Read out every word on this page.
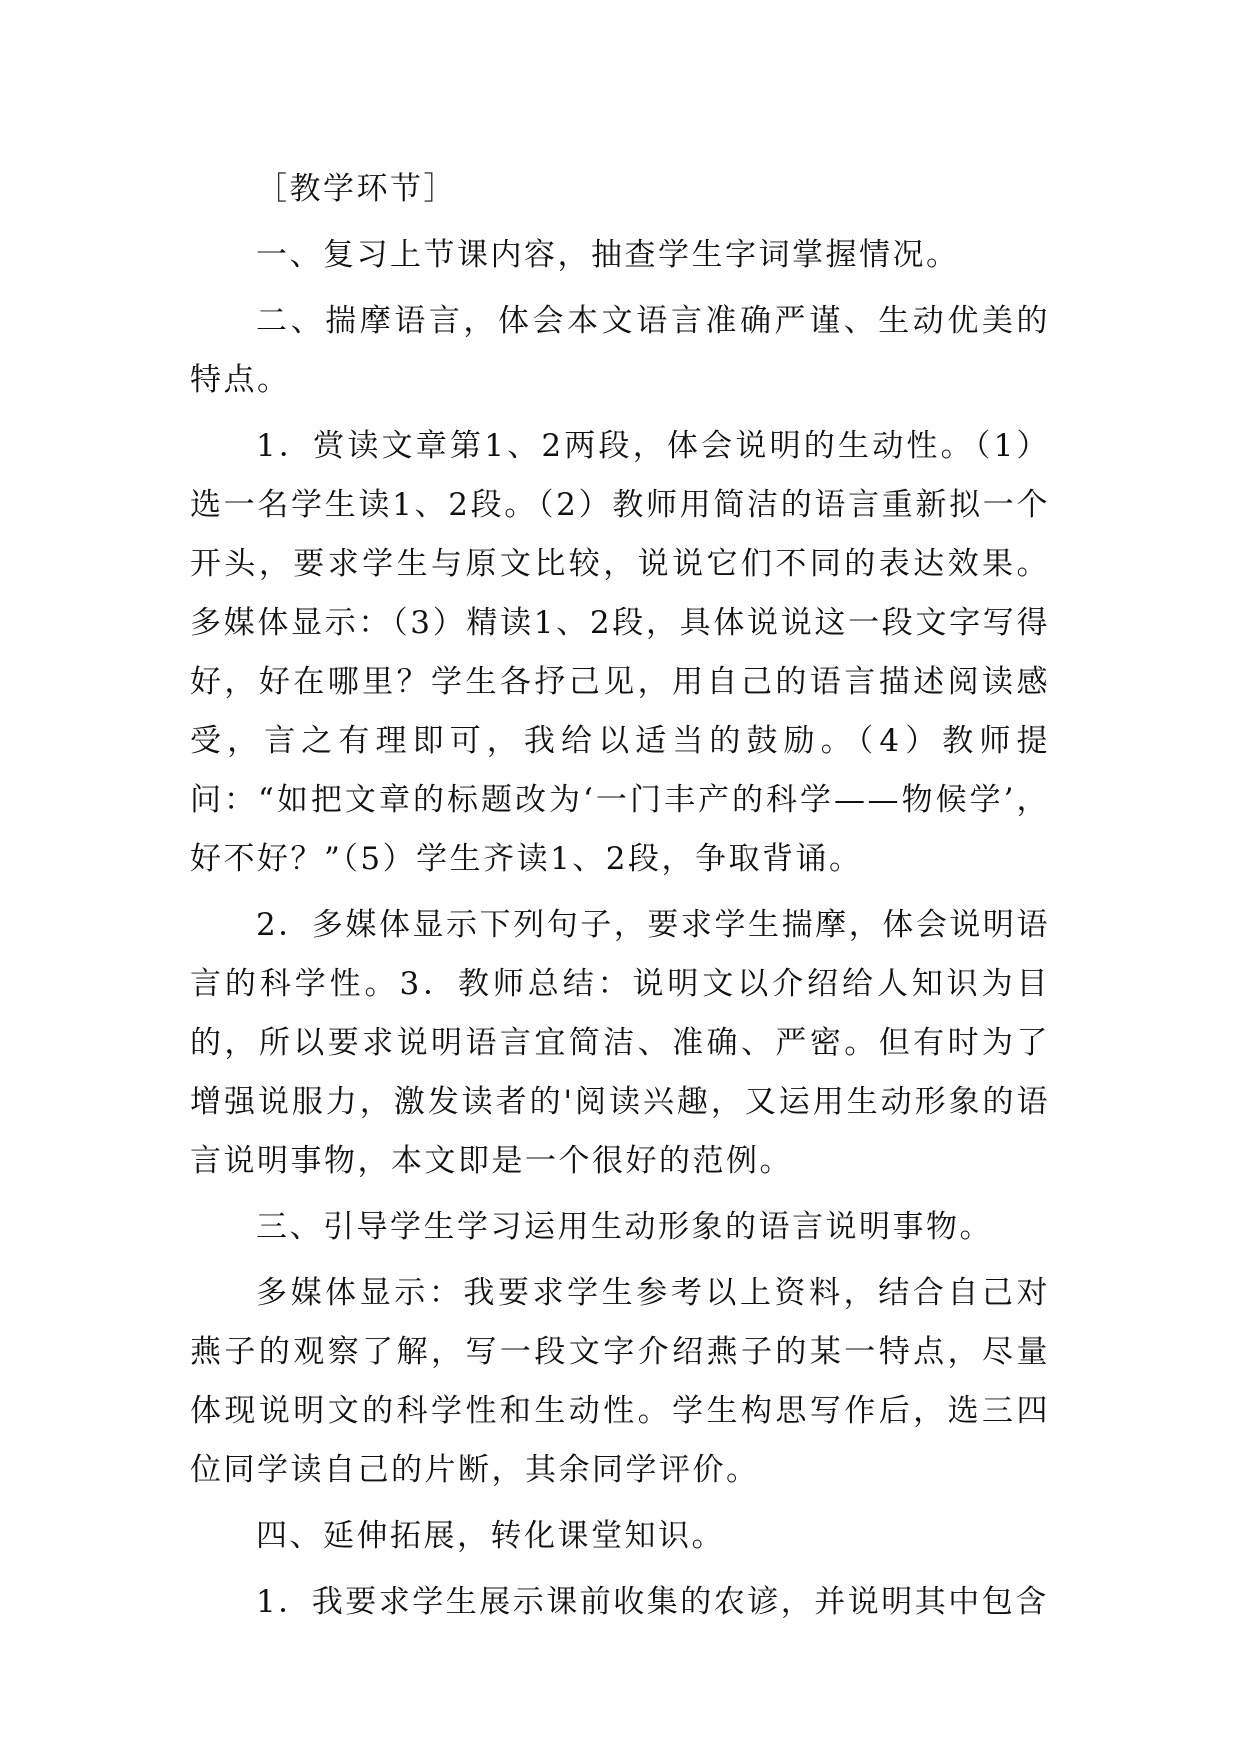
［教学环节］

一、复习上节课内容，抽查学生字词掌握情况。

二、揣摩语言，体会本文语言准确严谨、生动优美的特点。

1．赏读文章第1、2两段，体会说明的生动性。（1）选一名学生读1、2段。（2）教师用简洁的语言重新拟一个开头，要求学生与原文比较，说说它们不同的表达效果。多媒体显示：（3）精读1、2段，具体说说这一段文字写得好，好在哪里？学生各抒己见，用自己的语言描述阅读感受，言之有理即可，我给以适当的鼓励。（4）教师提问：“如把文章的标题改为‘一门丰产的科学——物候学’，好不好？”（5）学生齐读1、2段，争取背诵。

2．多媒体显示下列句子，要求学生揣摩，体会说明语言的科学性。3．教师总结：说明文以介绍给人知识为目的，所以要求说明语言宜简洁、准确、严密。但有时为了增强说服力，激发读者的'阅读兴趣，又运用生动形象的语言说明事物，本文即是一个很好的范例。

三、引导学生学习运用生动形象的语言说明事物。

多媒体显示：我要求学生参考以上资料，结合自己对燕子的观察了解，写一段文字介绍燕子的某一特点，尽量体现说明文的科学性和生动性。学生构思写作后，选三四位同学读自己的片断，其余同学评价。

四、延伸拓展，转化课堂知识。

1．我要求学生展示课前收集的农谚，并说明其中包含
